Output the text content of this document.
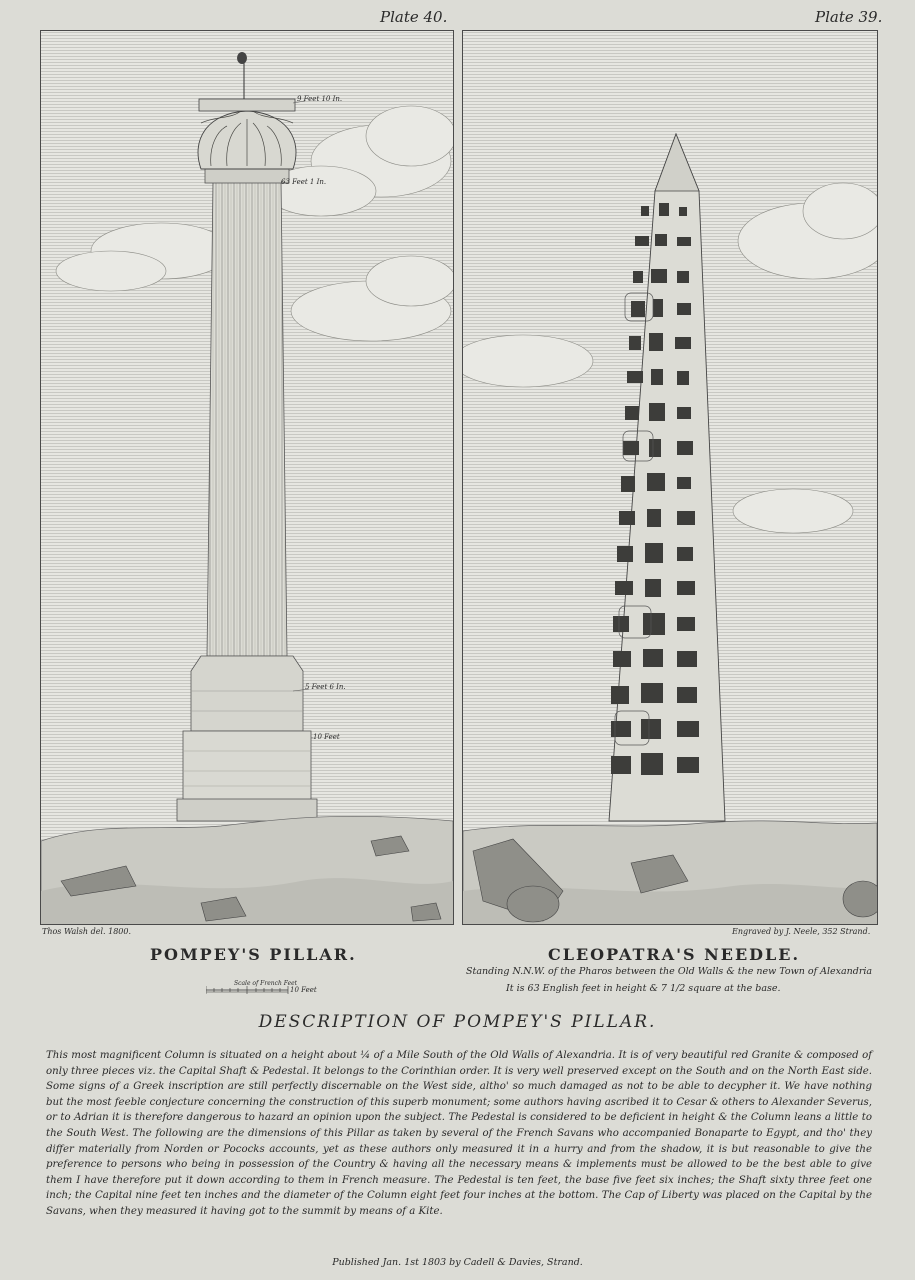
Plate 40.	Plate 39.
9 Feet 10 In.
63 Feet 1 In.
5 Feet 6 In.
10 Feet
Thos Walsh del. 1800.	Engraved by J. Neele, 352 Strand.
POMPEY'S PILLAR.	CLEOPATRA'S NEEDLE.
Standing N.N.W. of the Pharos between the Old Walls & the new Town of Alexandria
It is 63 English feet in height & 7 1/2 square at the base.
Scale of French Feet
10 Feet
DESCRIPTION OF POMPEY'S PILLAR.
This most magnificent Column is situated on a height about ¼ of a Mile South of the Old Walls of Alexandria. It is of very beautiful red Granite & composed of only three pieces viz. the Capital Shaft & Pedestal. It belongs to the Corinthian order. It is very well preserved except on the South and on the North East side. Some signs of a Greek inscription are still perfectly discernable on the West side, altho' so much damaged as not to be able to decypher it. We have nothing but the most feeble conjecture concerning the construction of this superb monument; some authors having ascribed it to Cesar & others to Alexander Severus, or to Adrian it is therefore dangerous to hazard an opinion upon the subject. The Pedestal is considered to be deficient in height & the Column leans a little to the South West. The following are the dimensions of this Pillar as taken by several of the French Savans who accompanied Bonaparte to Egypt, and tho' they differ materially from Norden or Pococks accounts, yet as these authors only measured it in a hurry and from the shadow, it is but reasonable to give the preference to persons who being in possession of the Country & having all the necessary means & implements must be allowed to be the best able to give them I have therefore put it down according to them in French measure. The Pedestal is ten feet, the base five feet six inches; the Shaft sixty three feet one inch; the Capital nine feet ten inches and the diameter of the Column eight feet four inches at the bottom. The Cap of Liberty was placed on the Capital by the Savans, when they measured it having got to the summit by means of a Kite.
Published Jan. 1st 1803 by Cadell & Davies, Strand.
